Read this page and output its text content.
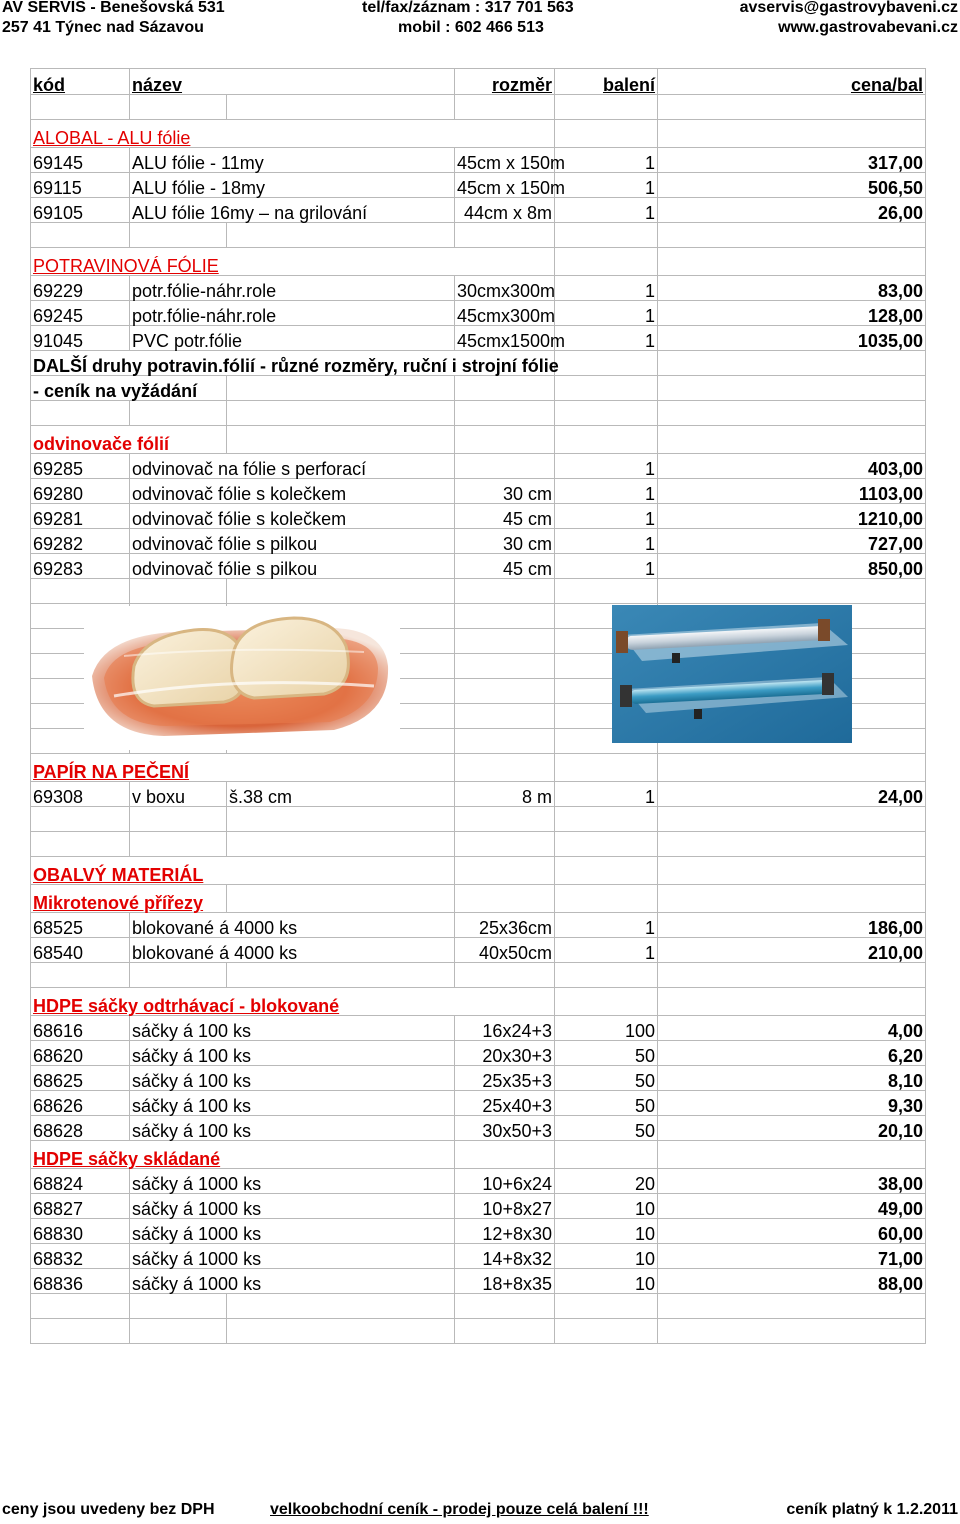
AV SERVIS - Benešovská 531
257 41 Týnec nad Sázavou
tel/fax/záznam : 317 701 563
mobil : 602 466 513
avservis@gastrovybaveni.cz
www.gastrovabevani.cz
kód	název		rozměr	balení	cena/bal

ALOBAL - ALU fólie					
69145	ALU fólie - 11my		45cm x 150m	1	317,00
69115	ALU fólie - 18my		45cm x 150m	1	506,50
69105	ALU fólie 16my – na grilování		44cm x 8m	1	26,00

POTRAVINOVÁ FÓLIE					
69229	potr.fólie-náhr.role		30cmx300m	1	83,00
69245	potr.fólie-náhr.role		45cmx300m	1	128,00
91045	PVC potr.fólie		45cmx1500m	1	1035,00
DALŠÍ druhy potravin.fólií - různé rozměry, ruční i strojní fólie					
- ceník na vyžádání					

odvinovače fólií					
69285	odvinovač na fólie s perforací			1	403,00
69280	odvinovač fólie s kolečkem		30 cm	1	1103,00
69281	odvinovač fólie s kolečkem		45 cm	1	1210,00
69282	odvinovač fólie s pilkou		30 cm	1	727,00
69283	odvinovač fólie s pilkou		45 cm	1	850,00

PAPÍR NA PEČENÍ					
69308	v boxu	š.38 cm	8 m	1	24,00

OBALVÝ MATERIÁL					
Mikrotenové přířezy					
68525	blokované á 4000 ks		25x36cm	1	186,00
68540	blokované á 4000 ks		40x50cm	1	210,00

HDPE sáčky odtrhávací - blokované					
68616	sáčky á 100 ks		16x24+3	100	4,00
68620	sáčky á 100 ks		20x30+3	50	6,20
68625	sáčky á 100 ks		25x35+3	50	8,10
68626	sáčky á 100 ks		25x40+3	50	9,30
68628	sáčky á 100 ks		30x50+3	50	20,10
HDPE sáčky skládané					
68824	sáčky á 1000 ks		10+6x24	20	38,00
68827	sáčky á 1000 ks		10+8x27	10	49,00
68830	sáčky á 1000 ks		12+8x30	10	60,00
68832	sáčky á 1000 ks		14+8x32	10	71,00
68836	sáčky á 1000 ks		18+8x35	10	88,00

ceny jsou uvedeny bez DPH	velkoobchodní ceník - prodej pouze celá balení !!!	ceník platný k 1.2.2011
